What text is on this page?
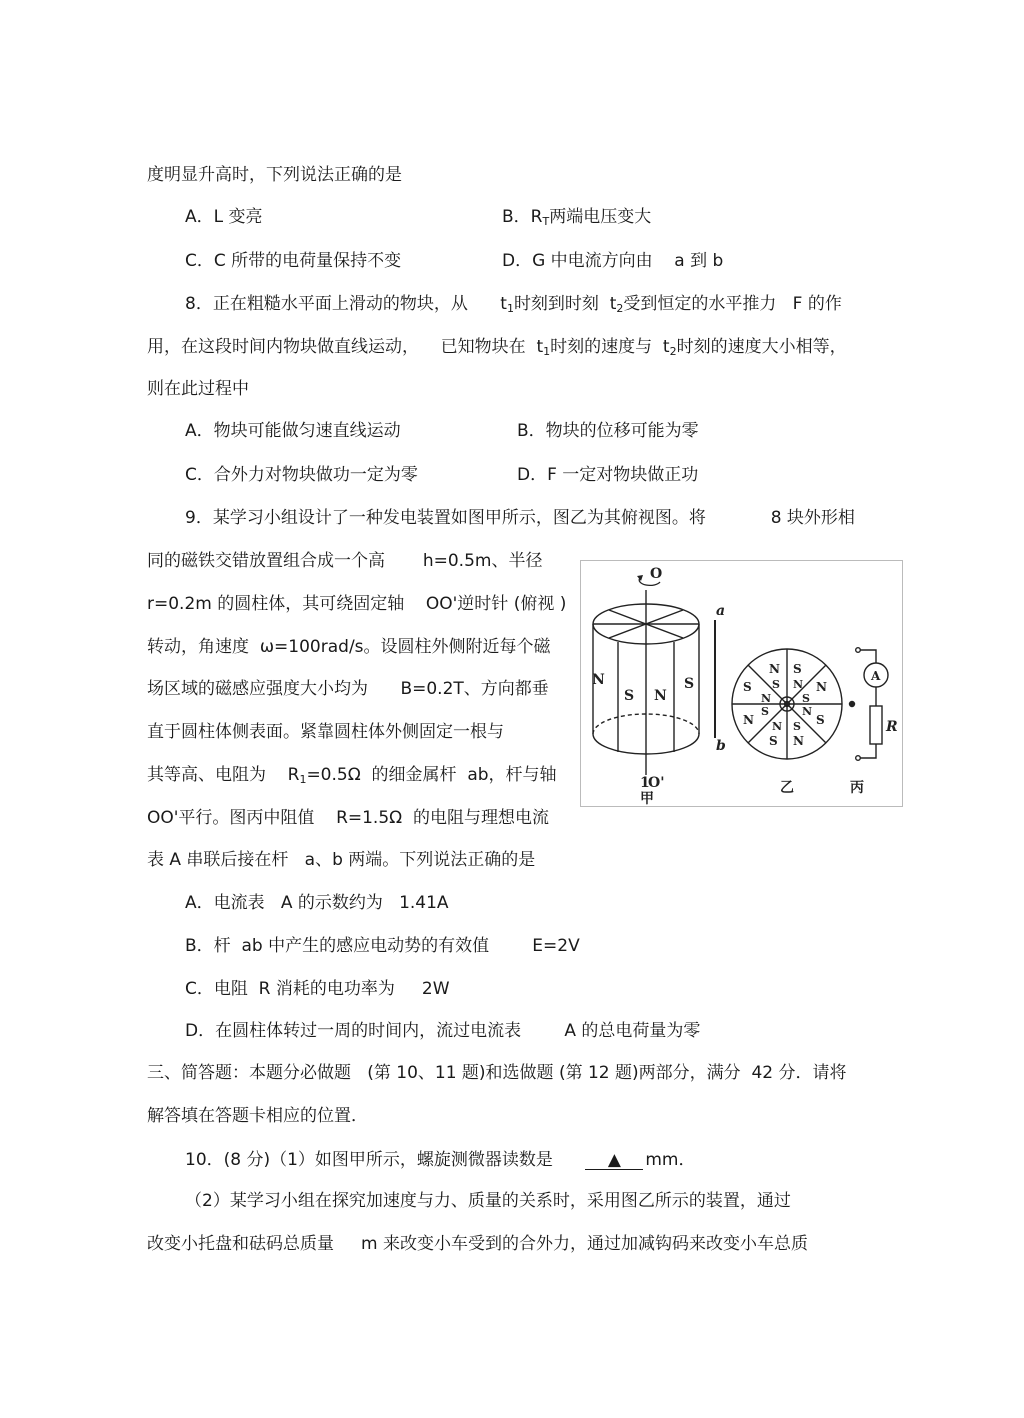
度明显升高时，下列说法正确的是
A．L 变亮	B．$R_T$两端电压变大
C．C 所带的电荷量保持不变	D．G 中电流方向由    a 到 b
8．正在粗糙水平面上滑动的物块，从 $t_1$时刻到时刻 $t_2$受到恒定的水平推力 F 的作
用，在这段时间内物块做直线运动， 已知物块在 $t_1$时刻的速度与 $t_2$时刻的速度大小相等，
则在此过程中
A．物块可能做匀速直线运动	B．物块的位移可能为零
C．合外力对物块做功一定为零	D．F 一定对物块做正功
9．某学习小组设计了一种发电装置如图甲所示，图乙为其俯视图。将	8 块外形相
同的磁铁交错放置组合成一个高 h=0.5m、半径
r=0.2m 的圆柱体，其可绕固定轴 OO'逆时针 (俯视 )
转动，角速度 ω=100rad/s。设圆柱外侧附近每个磁
场区域的磁感应强度大小均为 B=0.2T、方向都垂
直于圆柱体侧表面。紧靠圆柱体外侧固定一根与
其等高、电阻为 $R_1=0.5\Omega$  的细金属杆 ab，杆与轴
OO'平行。图丙中阻值 R=1.5Ω  的电阻与理想电流
表 A 串联后接在杆 a、b 两端。下列说法正确的是
A．电流表   A 的示数约为   1.41A
B．杆  ab 中产生的感应电动势的有效值        E=2V
C．电阻  R 消耗的电功率为     2W
D．在圆柱体转过一周的时间内，流过电流表	A 的总电荷量为零
三、简答题：本题分必做题 (第 10、11 题)和选做题 (第 12 题)两部分，满分 42 分．请将
解答填在答题卡相应的位置．
10．(8 分)（1）如图甲所示，螺旋测微器读数是	▲ mm．
（2）某学习小组在探究加速度与力、质量的关系时，采用图乙所示的装置，通过
改变小托盘和砝码总质量 m 来改变小车受到的合外力，通过加减钩码来改变小车总质
O
1
O'
甲
a
b
N
S N
S
N S
N
S
N
S
N
S S N
S
N
S
N
S
N
乙	丙
A
R
